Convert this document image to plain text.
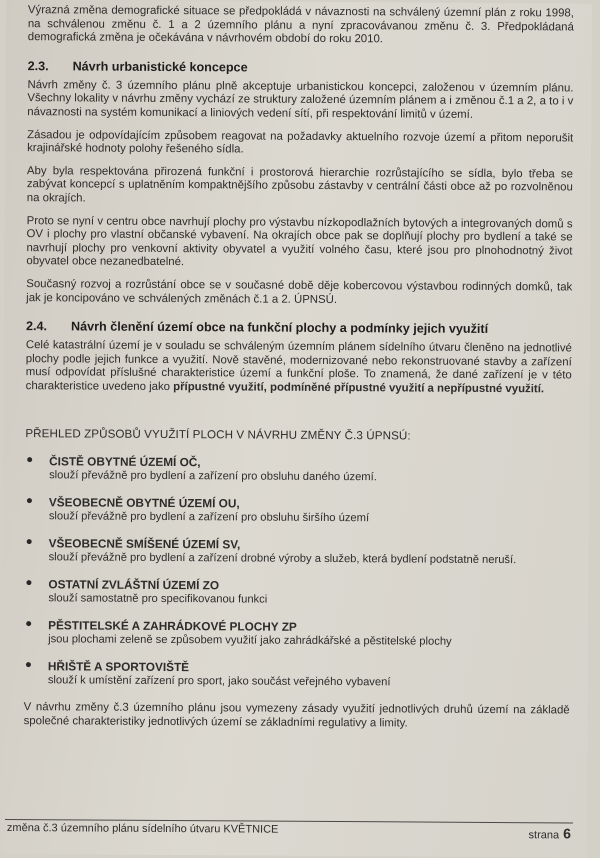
Výrazná změna demografické situace se předpokládá v návaznosti na schválený územní plán z roku 1998, na schválenou změnu č. 1 a 2 územního plánu a nyní zpracovávanou změnu č. 3. Předpokládaná demografická změna je očekávána v návrhovém období do roku 2010.

2.3. Návrh urbanistické koncepce

Návrh změny č. 3 územního plánu plně akceptuje urbanistickou koncepci, založenou v územním plánu. Všechny lokality v návrhu změny vychází ze struktury založené územním plánem a i změnou č.1 a 2, a to i v návaznosti na systém komunikací a liniových vedení sítí, při respektování limitů v území.

Zásadou je odpovídajícím způsobem reagovat na požadavky aktuelního rozvoje území a přitom neporušit krajinářské hodnoty polohy řešeného sídla.

Aby byla respektována přirozená funkční i prostorová hierarchie rozrůstajícího se sídla, bylo třeba se zabývat koncepcí s uplatněním kompaktnějšího způsobu zástavby v centrální části obce až po rozvolněnou na okrajích.

Proto se nyní v centru obce navrhují plochy pro výstavbu nízkopodlažních bytových a integrovaných domů s OV i plochy pro vlastní občanské vybavení. Na okrajích obce pak se doplňují plochy pro bydlení a také se navrhují plochy pro venkovní aktivity obyvatel a využití volného času, které jsou pro plnohodnotný život obyvatel obce nezanedbatelné.

Současný rozvoj a rozrůstání obce se v současné době děje kobercovou výstavbou rodinných domků, tak jak je koncipováno ve schválených změnách č.1 a 2. ÚPNSÚ.

2.4. Návrh členění území obce na funkční plochy a podmínky jejich využití

Celé katastrální území je v souladu se schváleným územním plánem sídelního útvaru členěno na jednotlivé plochy podle jejich funkce a využití. Nově stavěné, modernizované nebo rekonstruované stavby a zařízení musí odpovídat příslušné charakteristice území a funkční ploše. To znamená, že dané zařízení je v této charakteristice uvedeno jako přípustné využití, podmíněné přípustné využití a nepřípustné využití.

PŘEHLED ZPŮSOBŮ VYUŽITÍ PLOCH V NÁVRHU ZMĚNY Č.3 ÚPNSÚ:
ČISTĚ OBYTNÉ ÚZEMÍ OČ,
slouží převážně pro bydlení a zařízení pro obsluhu daného území.
VŠEOBECNĚ OBYTNÉ ÚZEMÍ OU,
slouží převážně pro bydlení a zařízení pro obsluhu širšího území
VŠEOBECNĚ SMÍŠENÉ ÚZEMÍ SV,
slouží převážně pro bydlení a zařízení drobné výroby a služeb, která bydlení podstatně neruší.
OSTATNÍ ZVLÁŠTNÍ ÚZEMÍ ZO
slouží samostatně pro specifikovanou funkci
PĚSTITELSKÉ A ZAHRÁDKOVÉ PLOCHY ZP
jsou plochami zeleně se způsobem využití jako zahrádkářské a pěstitelské plochy
HŘIŠTĚ A SPORTOVIŠTĚ
slouží k umístění zařízení pro sport, jako součást veřejného vybavení

V návrhu změny č.3 územního plánu jsou vymezeny zásady využití jednotlivých druhů území na základě společné charakteristiky jednotlivých území se základními regulativy a limity.

změna č.3 územního plánu sídelního útvaru KVĚTNICE	strana 6
